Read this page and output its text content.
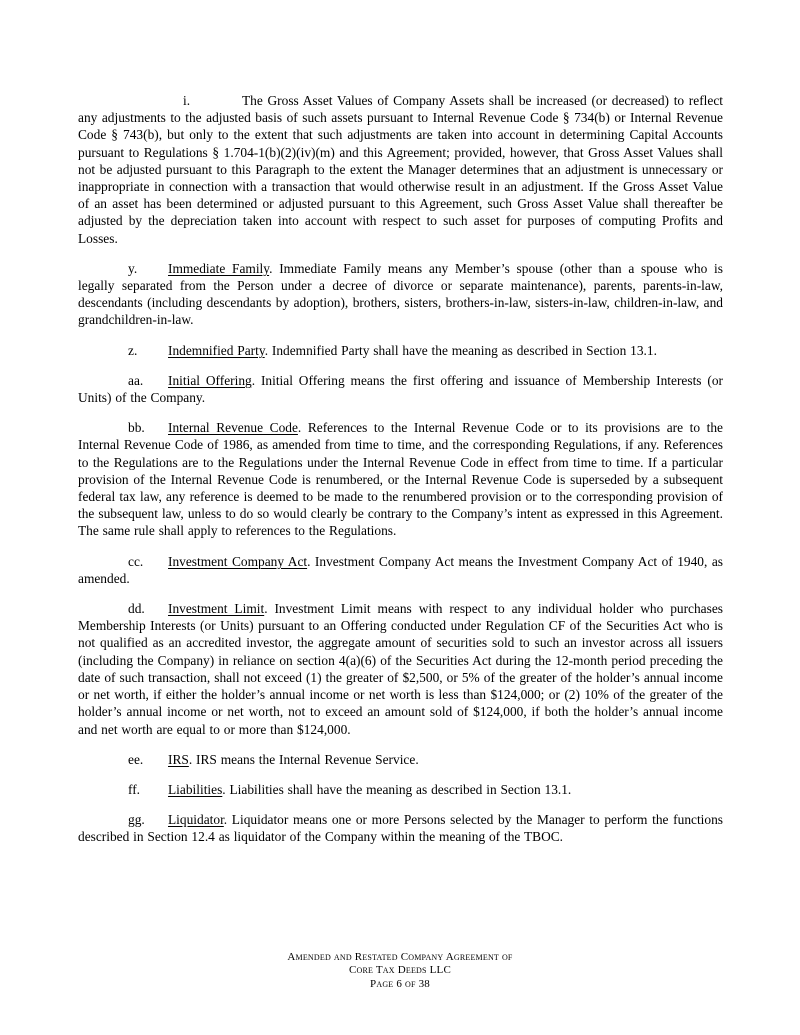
i.	The Gross Asset Values of Company Assets shall be increased (or decreased) to reflect any adjustments to the adjusted basis of such assets pursuant to Internal Revenue Code § 734(b) or Internal Revenue Code § 743(b), but only to the extent that such adjustments are taken into account in determining Capital Accounts pursuant to Regulations § 1.704-1(b)(2)(iv)(m) and this Agreement; provided, however, that Gross Asset Values shall not be adjusted pursuant to this Paragraph to the extent the Manager determines that an adjustment is unnecessary or inappropriate in connection with a transaction that would otherwise result in an adjustment. If the Gross Asset Value of an asset has been determined or adjusted pursuant to this Agreement, such Gross Asset Value shall thereafter be adjusted by the depreciation taken into account with respect to such asset for purposes of computing Profits and Losses.

y. Immediate Family. Immediate Family means any Member’s spouse (other than a spouse who is legally separated from the Person under a decree of divorce or separate maintenance), parents, parents-in-law, descendants (including descendants by adoption), brothers, sisters, brothers-in-law, sisters-in-law, children-in-law, and grandchildren-in-law.

z. Indemnified Party. Indemnified Party shall have the meaning as described in Section 13.1.

aa. Initial Offering. Initial Offering means the first offering and issuance of Membership Interests (or Units) of the Company.

bb. Internal Revenue Code. References to the Internal Revenue Code or to its provisions are to the Internal Revenue Code of 1986, as amended from time to time, and the corresponding Regulations, if any. References to the Regulations are to the Regulations under the Internal Revenue Code in effect from time to time. If a particular provision of the Internal Revenue Code is renumbered, or the Internal Revenue Code is superseded by a subsequent federal tax law, any reference is deemed to be made to the renumbered provision or to the corresponding provision of the subsequent law, unless to do so would clearly be contrary to the Company’s intent as expressed in this Agreement. The same rule shall apply to references to the Regulations.

cc. Investment Company Act. Investment Company Act means the Investment Company Act of 1940, as amended.

dd. Investment Limit. Investment Limit means with respect to any individual holder who purchases Membership Interests (or Units) pursuant to an Offering conducted under Regulation CF of the Securities Act who is not qualified as an accredited investor, the aggregate amount of securities sold to such an investor across all issuers (including the Company) in reliance on section 4(a)(6) of the Securities Act during the 12-month period preceding the date of such transaction, shall not exceed (1) the greater of $2,500, or 5% of the greater of the holder’s annual income or net worth, if either the holder’s annual income or net worth is less than $124,000; or (2) 10% of the greater of the holder’s annual income or net worth, not to exceed an amount sold of $124,000, if both the holder’s annual income and net worth are equal to or more than $124,000.

ee. IRS. IRS means the Internal Revenue Service.

ff. Liabilities. Liabilities shall have the meaning as described in Section 13.1.

gg. Liquidator. Liquidator means one or more Persons selected by the Manager to perform the functions described in Section 12.4 as liquidator of the Company within the meaning of the TBOC.

Amended and Restated Company Agreement of
Core Tax Deeds LLC
Page 6 of 38
